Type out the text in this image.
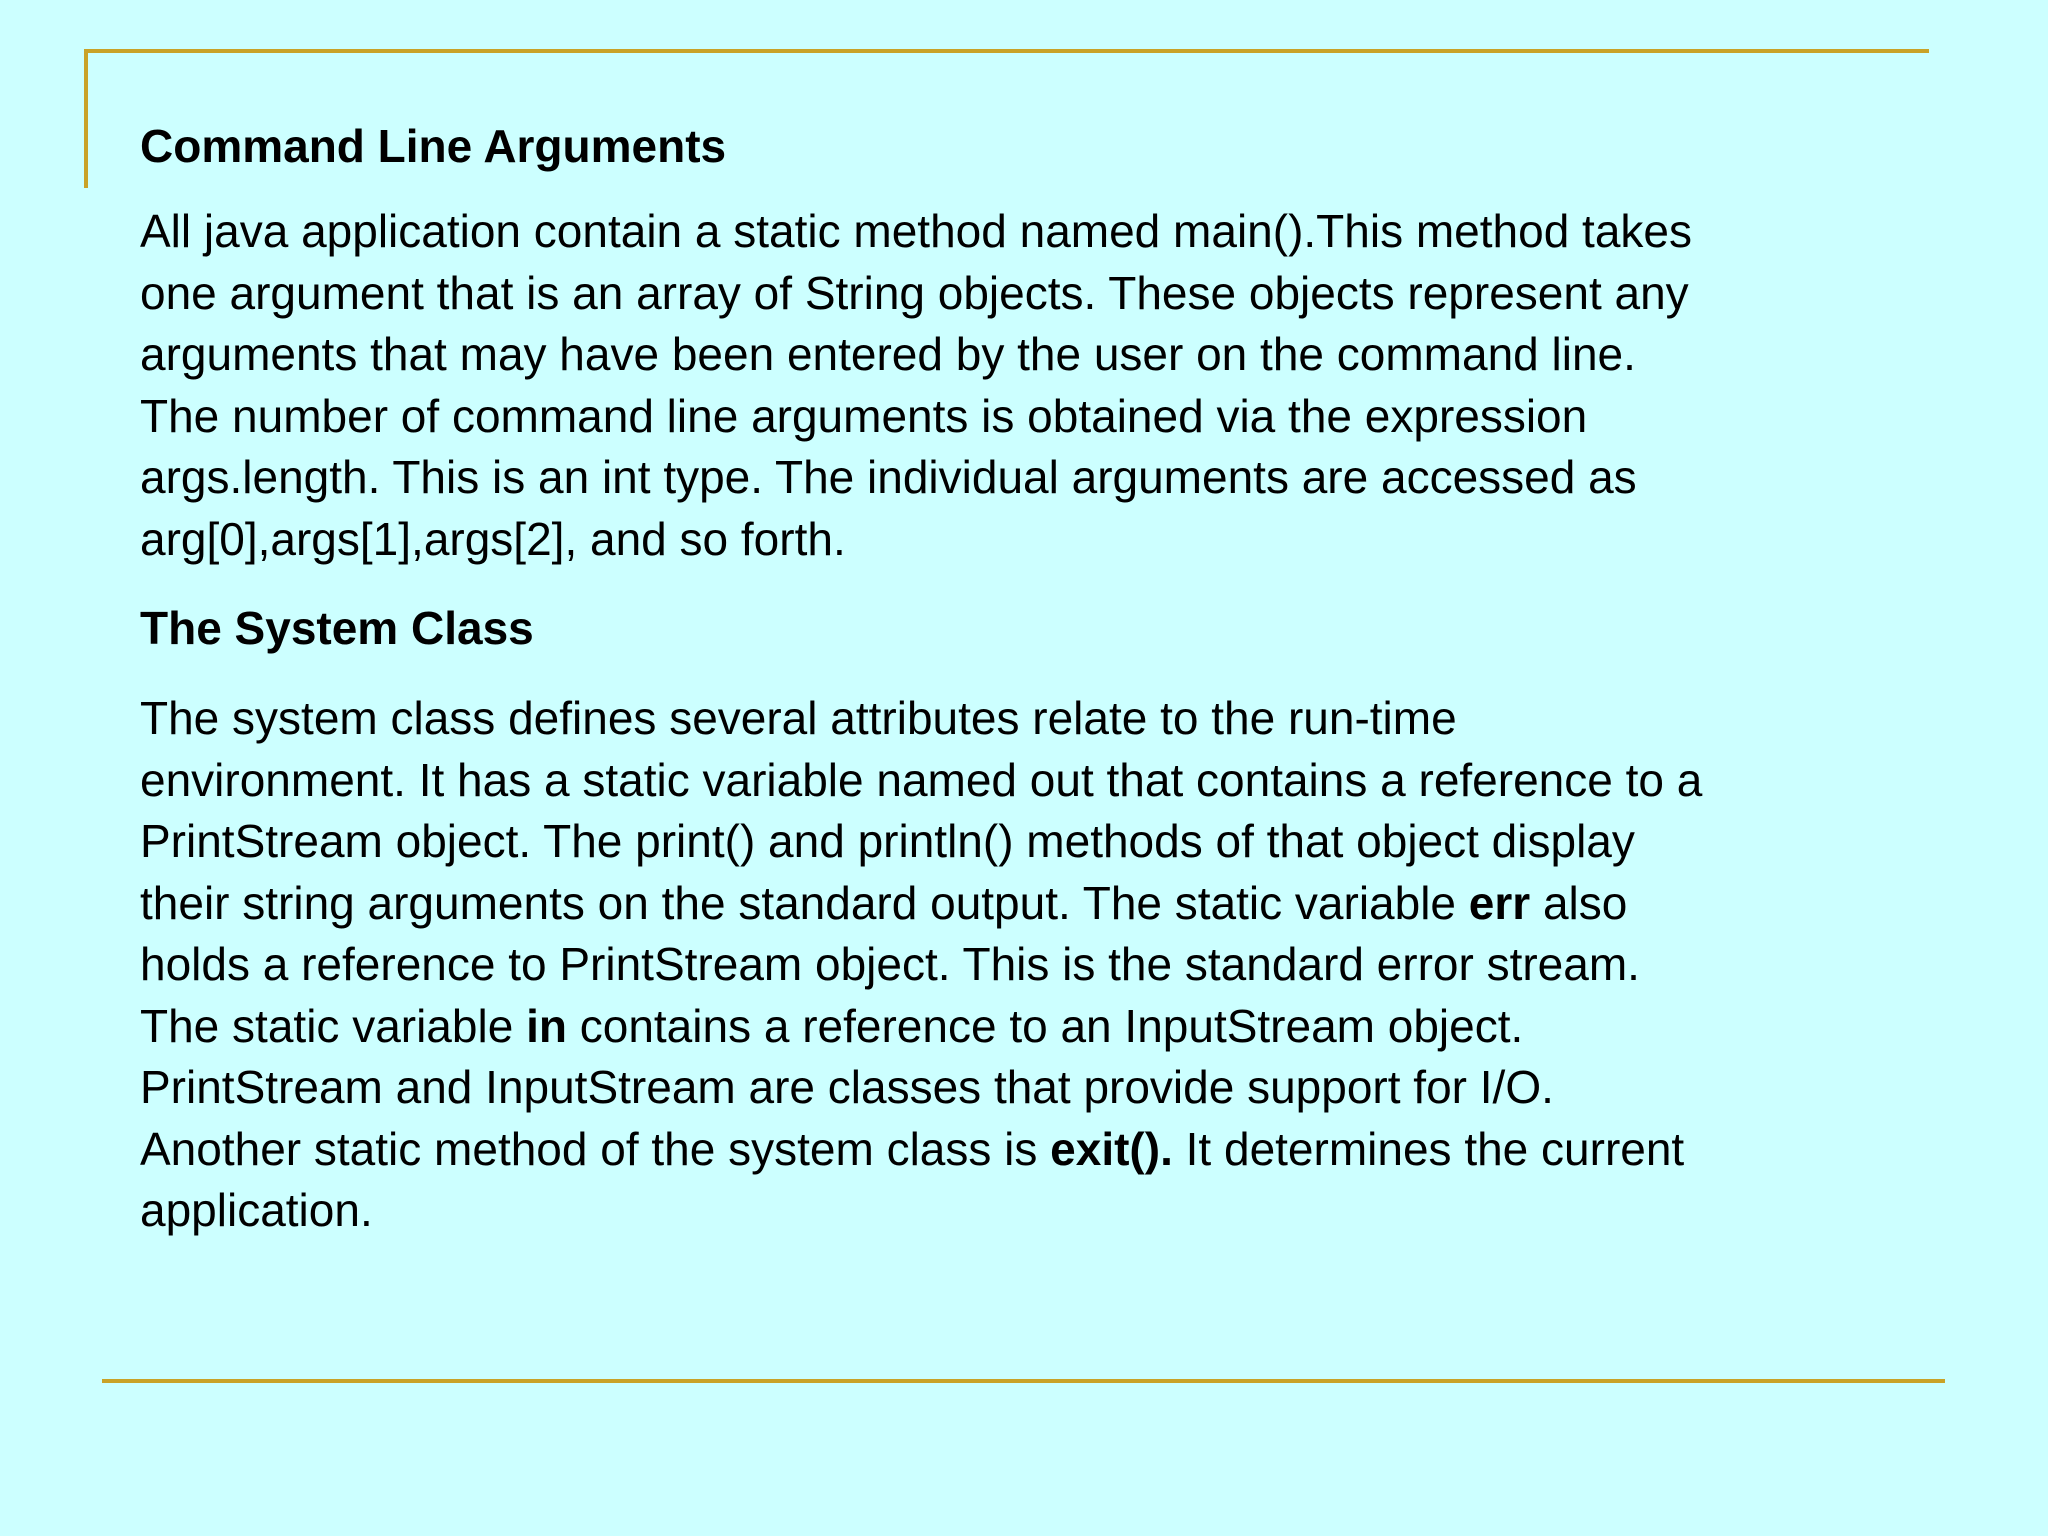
Command Line Arguments

All java application contain a static method named main().This method takes
one argument that is an array of String objects. These objects represent any
arguments that may have been entered by the user on the command line.
The number of command line arguments is obtained via the expression
args.length. This is an int type. The individual arguments are accessed as
arg[0],args[1],args[2], and so forth.

The System Class

The system class defines several attributes relate to the run-time
environment. It has a static variable named out that contains a reference to a
PrintStream object. The print() and println() methods of that object display
their string arguments on the standard output. The static variable err also
holds a reference to PrintStream object. This is the standard error stream.
The static variable in contains a reference to an InputStream object.
PrintStream and InputStream are classes that provide support for I/O.
Another static method of the system class is exit(). It determines the current
application.
